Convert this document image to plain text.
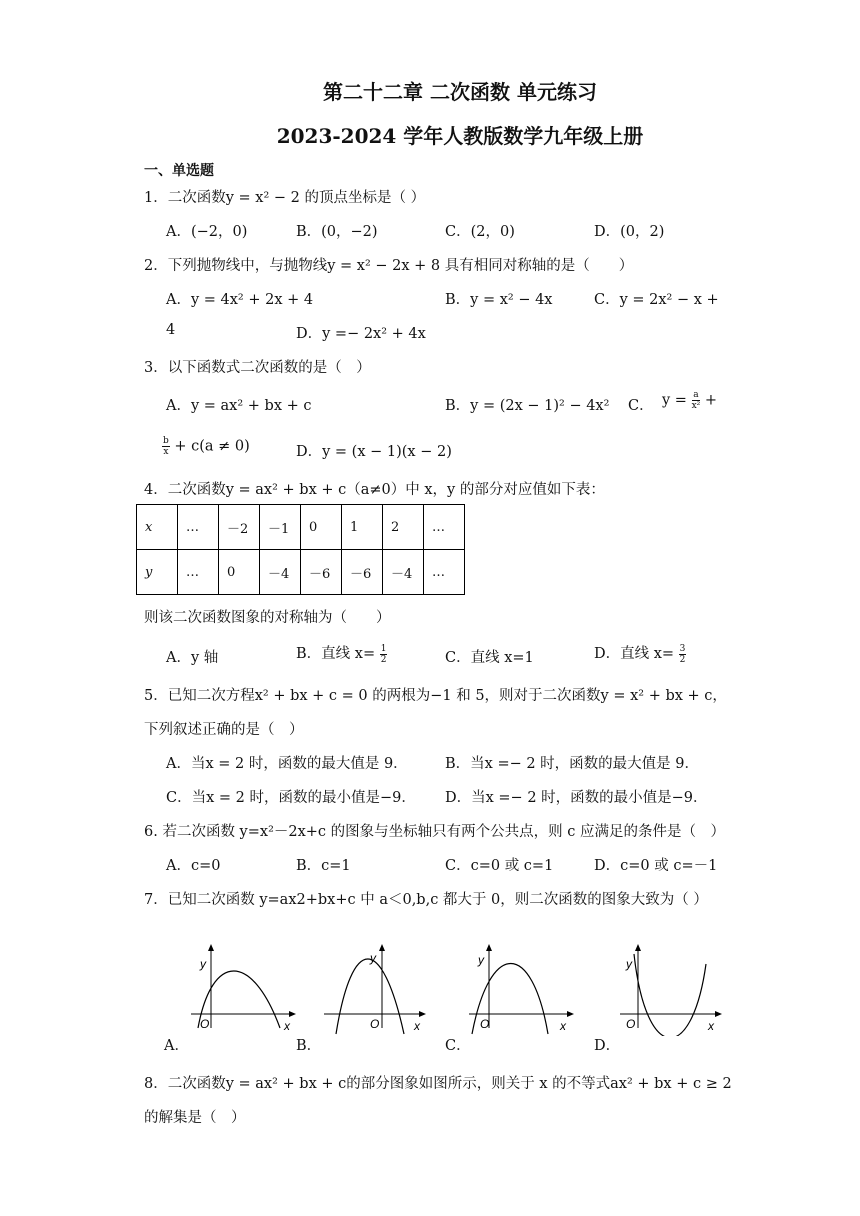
第二十二章 二次函数 单元练习
2023-2024 学年人教版数学九年级上册
一、单选题
1．二次函数y = x² − 2 的顶点坐标是（ ）
A．(−2，0)	B．(0，−2)	C．(2，0)	D．(0，2)
2．下列抛物线中，与抛物线y = x² − 2x + 8 具有相同对称轴的是（　　）
A．y = 4x² + 2x + 4	B．y = x² − 4x	C．y = 2x² − x +
4	D．y =− 2x² + 4x
3．以下函数式二次函数的是（　）
A．y = ax² + bx + c	B．y = (2x − 1)² − 4x² C． $y = \frac{a}{\text{x²}}$ +
$\frac{b}{x} + c(a \ne 0)$	D．y = (x − 1)(x − 2)
4．二次函数y = ax² + bx + c（a≠0）中 x，y 的部分对应值如下表：
x	…	－2	－1	0	1	2	…
y	…	0	－4	－6	－6	－4	…
则该二次函数图象的对称轴为（　　）
A．y 轴	B．直线 $x= \frac{1}{2}$	C．直线 x=1	D．直线 $x= \frac{3}{2}$
5．已知二次方程x² + bx + c = 0 的两根为−1 和 5，则对于二次函数y = x² + bx + c，
下列叙述正确的是（　）
A．当x = 2 时，函数的最大值是 9．	B．当x =− 2 时，函数的最大值是 9．
C．当x = 2 时，函数的最小值是−9． D．当x =− 2 时，函数的最小值是−9．
6. 若二次函数 y=x²－2x+c 的图象与坐标轴只有两个公共点，则 c 应满足的条件是（　）
A．c=0	B．c=1	C．c=0 或 c=1	D．c=0 或 c=－1
7．已知二次函数 y=ax2+bx+c 中 a＜0,b,c 都大于 0，则二次函数的图象大致为（ ）
A．
y
x
O
B．
y
x
O
C．
y
x
O
D．
y
x
O
8．二次函数y = ax² + bx + c的部分图象如图所示，则关于 x 的不等式ax² + bx + c ≥ 2
的解集是（　）
